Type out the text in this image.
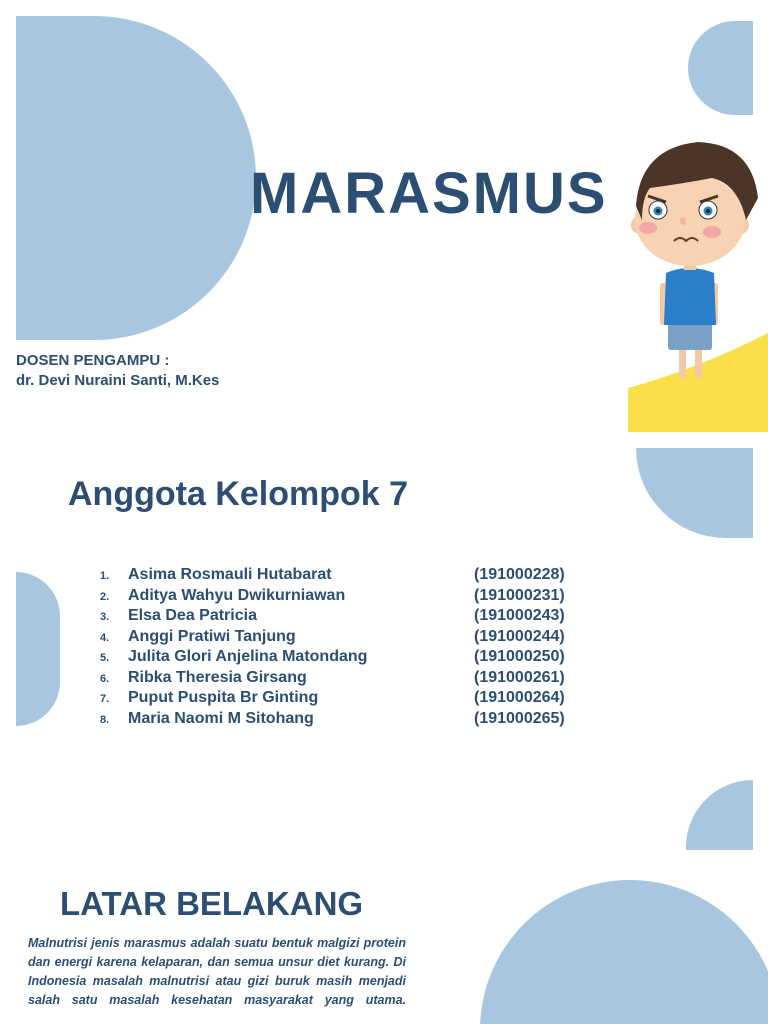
MARASMUS
DOSEN PENGAMPU :
dr. Devi Nuraini Santi, M.Kes
Anggota Kelompok 7
1.	Asima Rosmauli Hutabarat	(191000228)
2.	Aditya Wahyu Dwikurniawan	(191000231)
3.	Elsa Dea Patricia	(191000243)
4.	Anggi Pratiwi Tanjung	(191000244)
5.	Julita Glori Anjelina Matondang	(191000250)
6.	Ribka Theresia Girsang	(191000261)
7.	Puput Puspita Br Ginting	(191000264)
8.	Maria Naomi M Sitohang	(191000265)
LATAR BELAKANG

Malnutrisi jenis marasmus adalah suatu bentuk malgizi protein dan energi karena kelaparan, dan semua unsur diet kurang. Di Indonesia masalah malnutrisi atau gizi buruk masih menjadi salah satu masalah kesehatan masyarakat yang utama.
